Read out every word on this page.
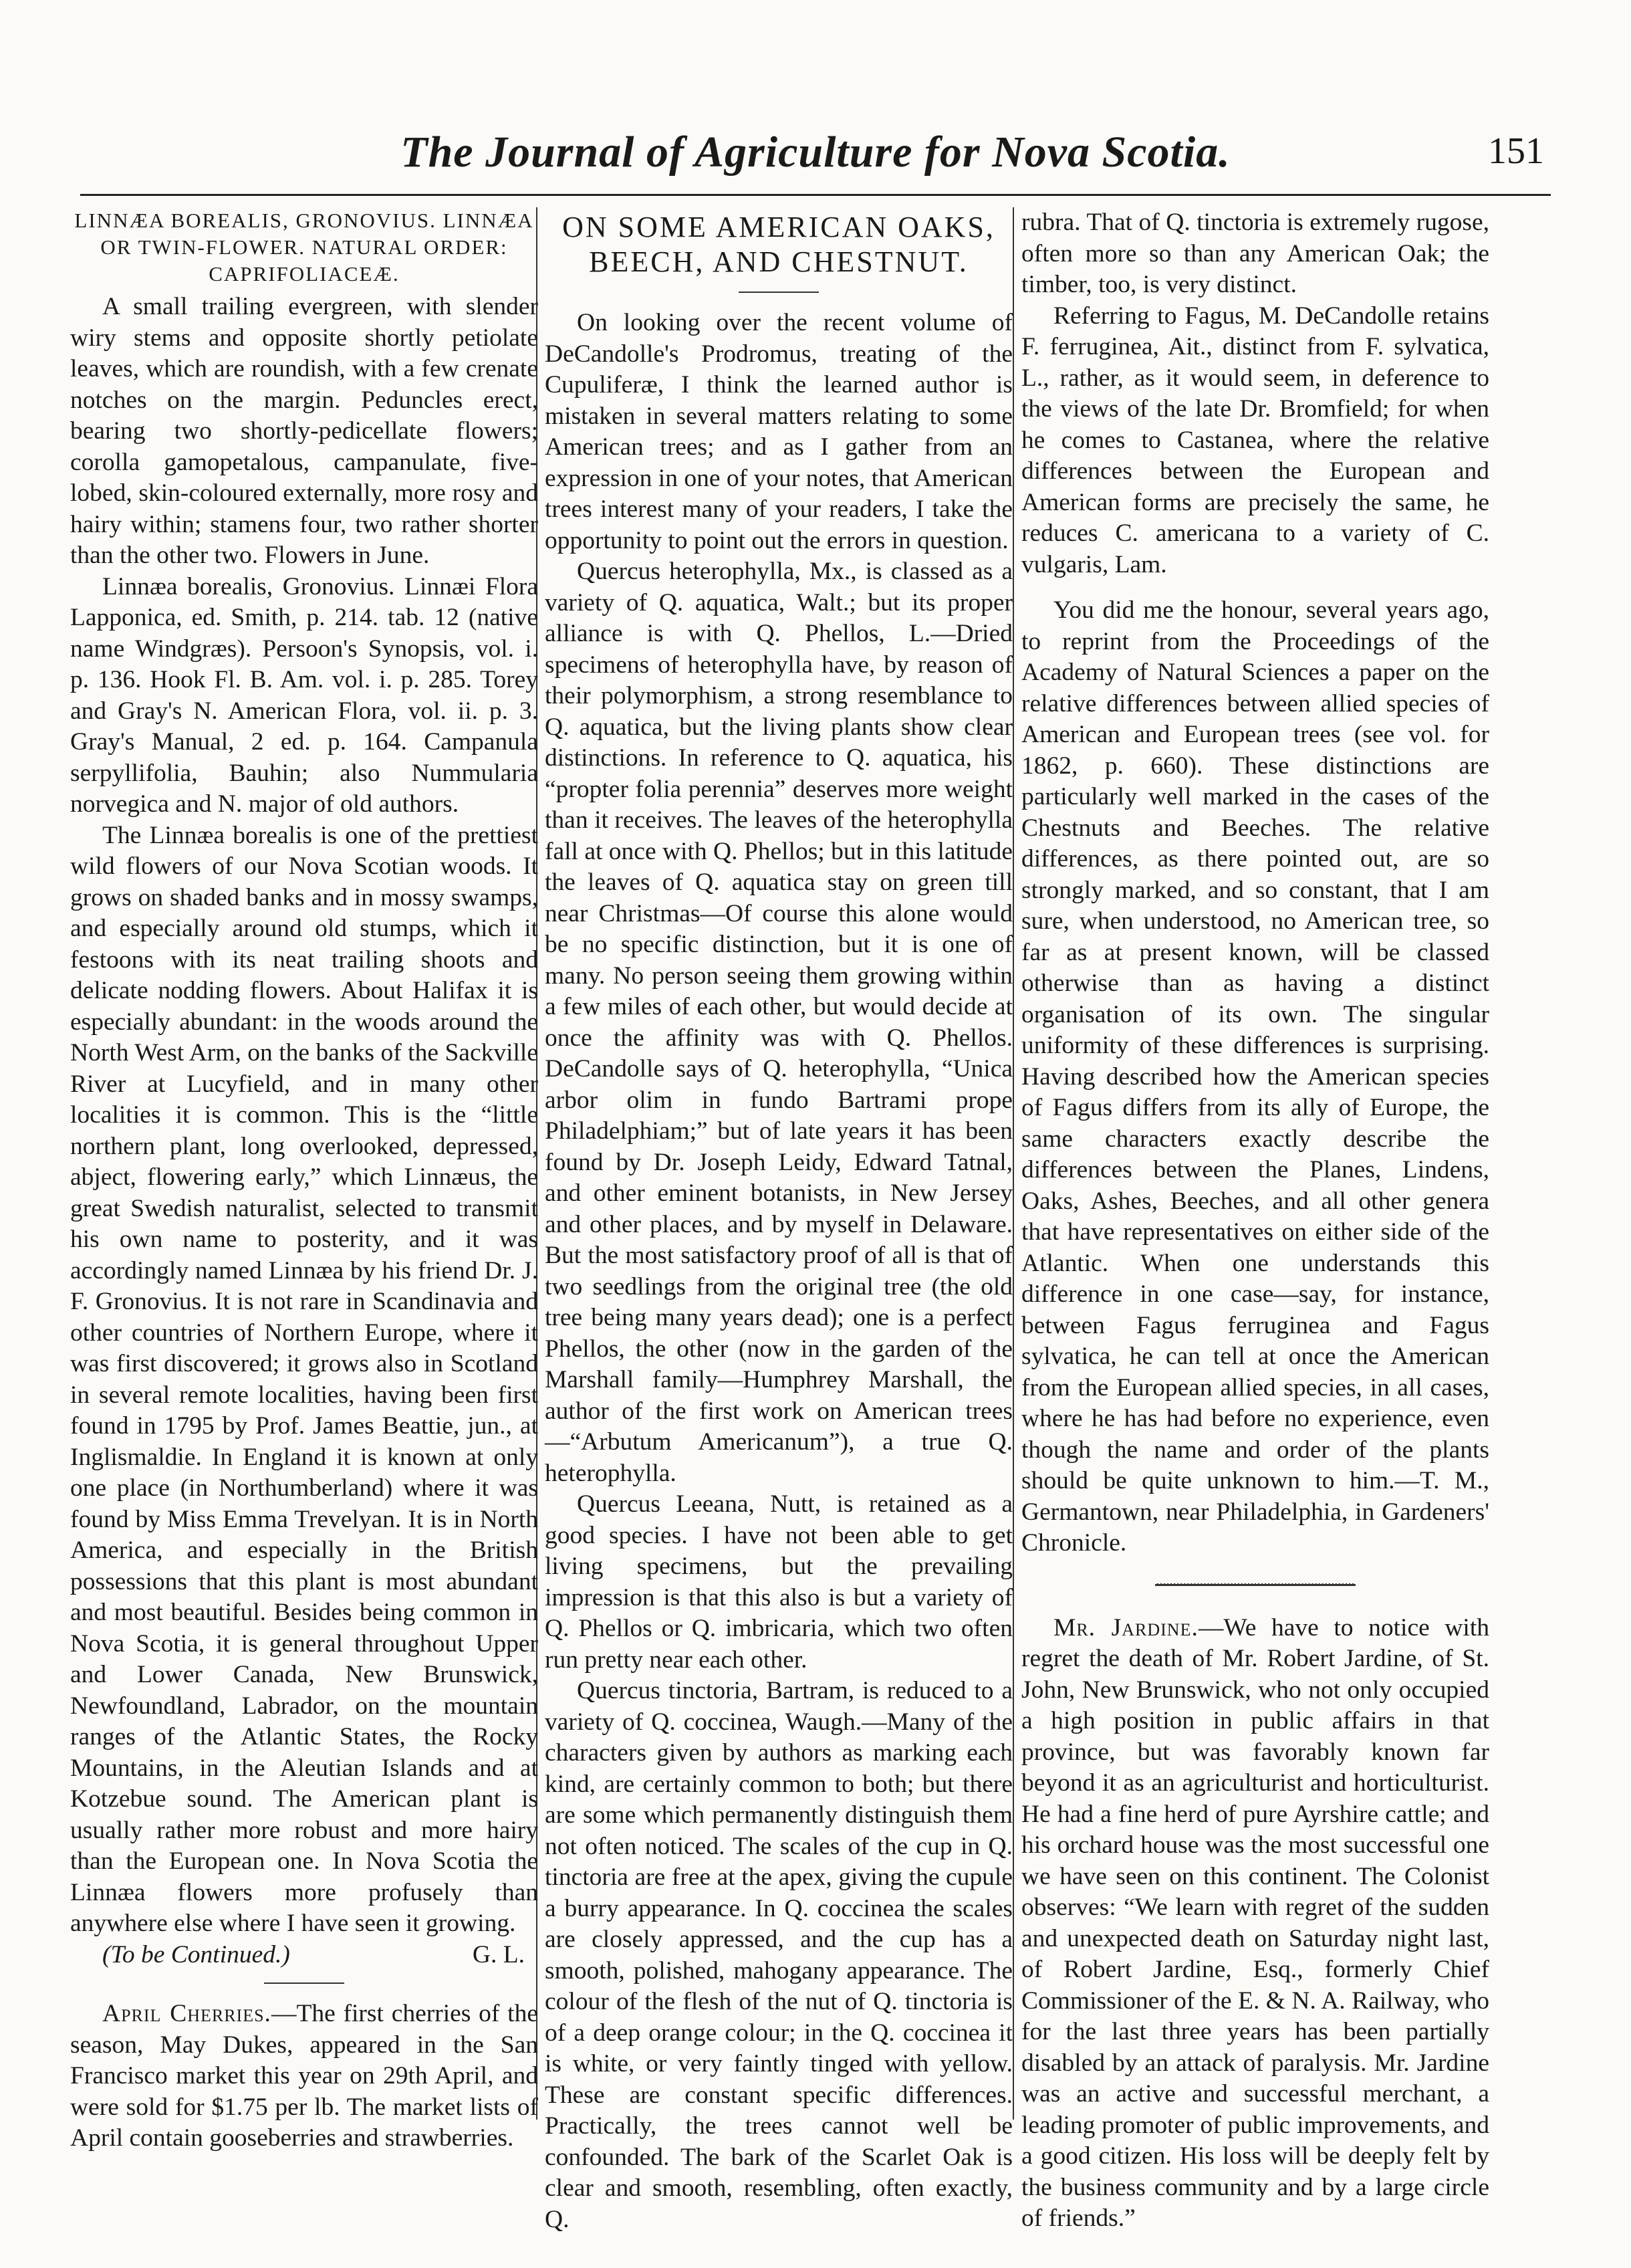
The Journal of Agriculture for Nova Scotia.	151

LINNÆA BOREALIS, GRONOVIUS. LINNÆA OR TWIN-FLOWER. NATURAL ORDER: CAPRIFOLIACEÆ.

A small trailing evergreen, with slender wiry stems and opposite shortly petiolate leaves, which are roundish, with a few crenate notches on the margin. Peduncles erect, bearing two shortly-pedicellate flowers; corolla gamopetalous, campanulate, five-lobed, skin-coloured externally, more rosy and hairy within; stamens four, two rather shorter than the other two. Flowers in June.

Linnæa borealis, Gronovius. Linnæi Flora Lapponica, ed. Smith, p. 214. tab. 12 (native name Windgræs). Persoon's Synopsis, vol. i. p. 136. Hook Fl. B. Am. vol. i. p. 285. Torey and Gray's N. American Flora, vol. ii. p. 3. Gray's Manual, 2 ed. p. 164. Campanula serpyllifolia, Bauhin; also Nummularia norvegica and N. major of old authors.

The Linnæa borealis is one of the prettiest wild flowers of our Nova Scotian woods. It grows on shaded banks and in mossy swamps, and especially around old stumps, which it festoons with its neat trailing shoots and delicate nodding flowers. About Halifax it is especially abundant: in the woods around the North West Arm, on the banks of the Sackville River at Lucyfield, and in many other localities it is common. This is the “little northern plant, long overlooked, depressed, abject, flowering early,” which Linnæus, the great Swedish naturalist, selected to transmit his own name to posterity, and it was accordingly named Linnæa by his friend Dr. J. F. Gronovius. It is not rare in Scandinavia and other countries of Northern Europe, where it was first discovered; it grows also in Scotland in several remote localities, having been first found in 1795 by Prof. James Beattie, jun., at Inglismaldie. In England it is known at only one place (in Northumberland) where it was found by Miss Emma Trevelyan. It is in North America, and especially in the British possessions that this plant is most abundant and most beautiful. Besides being common in Nova Scotia, it is general throughout Upper and Lower Canada, New Brunswick, Newfoundland, Labrador, on the mountain ranges of the Atlantic States, the Rocky Mountains, in the Aleutian Islands and at Kotzebue sound. The American plant is usually rather more robust and more hairy than the European one. In Nova Scotia the Linnæa flowers more profusely than anywhere else where I have seen it growing.

(To be Continued.)	G. L.

April Cherries.—The first cherries of the season, May Dukes, appeared in the San Francisco market this year on 29th April, and were sold for $1.75 per lb. The market lists of April contain gooseberries and strawberries.

ON SOME AMERICAN OAKS, BEECH, AND CHESTNUT.

On looking over the recent volume of DeCandolle's Prodromus, treating of the Cupuliferæ, I think the learned author is mistaken in several matters relating to some American trees; and as I gather from an expression in one of your notes, that American trees interest many of your readers, I take the opportunity to point out the errors in question.

Quercus heterophylla, Mx., is classed as a variety of Q. aquatica, Walt.; but its proper alliance is with Q. Phellos, L.—Dried specimens of heterophylla have, by reason of their polymorphism, a strong resemblance to Q. aquatica, but the living plants show clear distinctions. In reference to Q. aquatica, his “propter folia perennia” deserves more weight than it receives. The leaves of the heterophylla fall at once with Q. Phellos; but in this latitude the leaves of Q. aquatica stay on green till near Christmas—Of course this alone would be no specific distinction, but it is one of many. No person seeing them growing within a few miles of each other, but would decide at once the affinity was with Q. Phellos. DeCandolle says of Q. heterophylla, “Unica arbor olim in fundo Bartrami prope Philadelphiam;” but of late years it has been found by Dr. Joseph Leidy, Edward Tatnal, and other eminent botanists, in New Jersey and other places, and by myself in Delaware. But the most satisfactory proof of all is that of two seedlings from the original tree (the old tree being many years dead); one is a perfect Phellos, the other (now in the garden of the Marshall family—Humphrey Marshall, the author of the first work on American trees—“Arbutum Americanum”), a true Q. heterophylla.

Quercus Leeana, Nutt, is retained as a good species. I have not been able to get living specimens, but the prevailing impression is that this also is but a variety of Q. Phellos or Q. imbricaria, which two often run pretty near each other.

Quercus tinctoria, Bartram, is reduced to a variety of Q. coccinea, Waugh.—Many of the characters given by authors as marking each kind, are certainly common to both; but there are some which permanently distinguish them not often noticed. The scales of the cup in Q. tinctoria are free at the apex, giving the cupule a burry appearance. In Q. coccinea the scales are closely appressed, and the cup has a smooth, polished, mahogany appearance. The colour of the flesh of the nut of Q. tinctoria is of a deep orange colour; in the Q. coccinea it is white, or very faintly tinged with yellow. These are constant specific differences. Practically, the trees cannot well be confounded. The bark of the Scarlet Oak is clear and smooth, resembling, often exactly, Q.

rubra. That of Q. tinctoria is extremely rugose, often more so than any American Oak; the timber, too, is very distinct.

Referring to Fagus, M. DeCandolle retains F. ferruginea, Ait., distinct from F. sylvatica, L., rather, as it would seem, in deference to the views of the late Dr. Bromfield; for when he comes to Castanea, where the relative differences between the European and American forms are precisely the same, he reduces C. americana to a variety of C. vulgaris, Lam.

You did me the honour, several years ago, to reprint from the Proceedings of the Academy of Natural Sciences a paper on the relative differences between allied species of American and European trees (see vol. for 1862, p. 660). These distinctions are particularly well marked in the cases of the Chestnuts and Beeches. The relative differences, as there pointed out, are so strongly marked, and so constant, that I am sure, when understood, no American tree, so far as at present known, will be classed otherwise than as having a distinct organisation of its own. The singular uniformity of these differences is surprising. Having described how the American species of Fagus differs from its ally of Europe, the same characters exactly describe the differences between the Planes, Lindens, Oaks, Ashes, Beeches, and all other genera that have representatives on either side of the Atlantic. When one understands this difference in one case—say, for instance, between Fagus ferruginea and Fagus sylvatica, he can tell at once the American from the European allied species, in all cases, where he has had before no experience, even though the name and order of the plants should be quite unknown to him.—T. M., Germantown, near Philadelphia, in Gardeners' Chronicle.

Mr. Jardine.—We have to notice with regret the death of Mr. Robert Jardine, of St. John, New Brunswick, who not only occupied a high position in public affairs in that province, but was favorably known far beyond it as an agriculturist and horticulturist. He had a fine herd of pure Ayrshire cattle; and his orchard house was the most successful one we have seen on this continent. The Colonist observes: “We learn with regret of the sudden and unexpected death on Saturday night last, of Robert Jardine, Esq., formerly Chief Commissioner of the E. & N. A. Railway, who for the last three years has been partially disabled by an attack of paralysis. Mr. Jardine was an active and successful merchant, a leading promoter of public improvements, and a good citizen. His loss will be deeply felt by the business community and by a large circle of friends.”
